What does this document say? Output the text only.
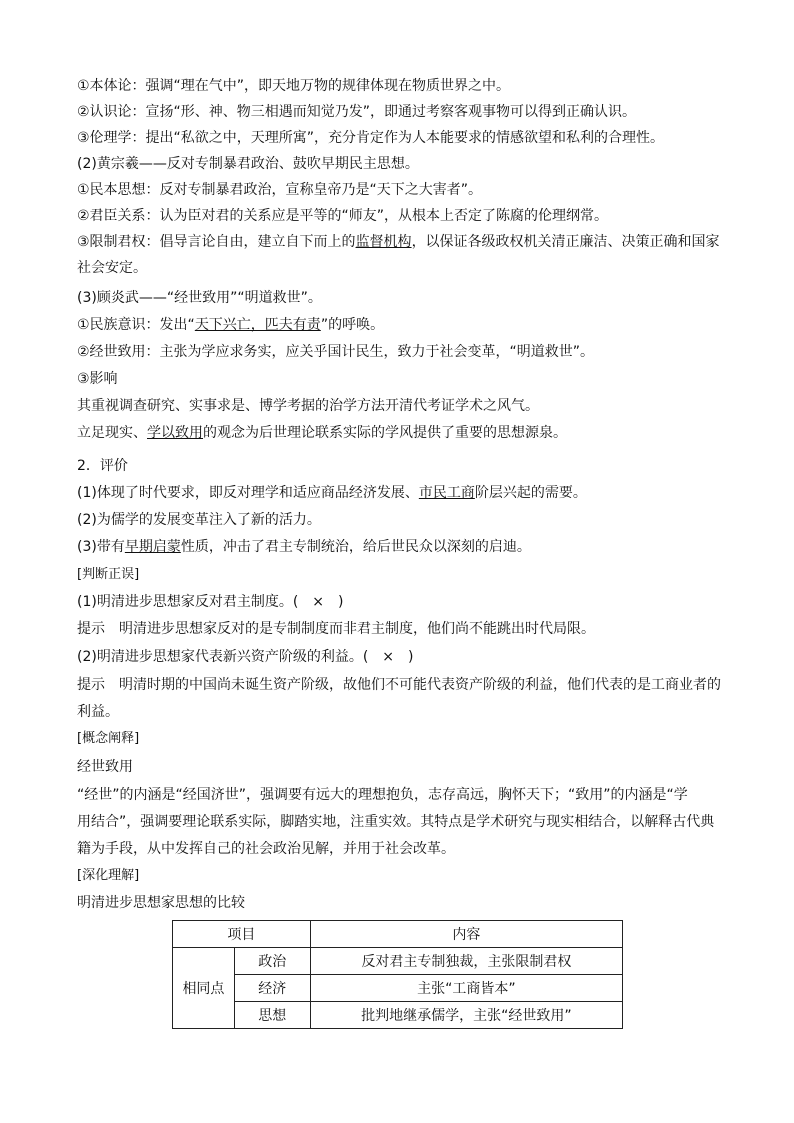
①本体论：强调“理在气中”，即天地万物的规律体现在物质世界之中。
②认识论：宣扬“形、神、物三相遇而知觉乃发”，即通过考察客观事物可以得到正确认识。
③伦理学：提出“私欲之中，天理所寓”，充分肯定作为人本能要求的情感欲望和私利的合理性。
(2)黄宗羲——反对专制暴君政治、鼓吹早期民主思想。
①民本思想：反对专制暴君政治，宣称皇帝乃是“天下之大害者”。
②君臣关系：认为臣对君的关系应是平等的“师友”，从根本上否定了陈腐的伦理纲常。
③限制君权：倡导言论自由，建立自下而上的监督机构，以保证各级政权机关清正廉洁、决策正确和国家
社会安定。
(3)顾炎武——“经世致用”“明道救世”。
①民族意识：发出“天下兴亡，匹夫有责”的呼唤。
②经世致用：主张为学应求务实，应关乎国计民生，致力于社会变革，“明道救世”。
③影响
其重视调查研究、实事求是、博学考据的治学方法开清代考证学术之风气。
立足现实、学以致用的观念为后世理论联系实际的学风提供了重要的思想源泉。
2．评价
(1)体现了时代要求，即反对理学和适应商品经济发展、市民工商阶层兴起的需要。
(2)为儒学的发展变革注入了新的活力。
(3)带有早期启蒙性质，冲击了君主专制统治，给后世民众以深刻的启迪。
[判断正误]
(1)明清进步思想家反对君主制度。(　×　)
提示　明清进步思想家反对的是专制制度而非君主制度，他们尚不能跳出时代局限。
(2)明清进步思想家代表新兴资产阶级的利益。(　×　)
提示　明清时期的中国尚未诞生资产阶级，故他们不可能代表资产阶级的利益，他们代表的是工商业者的
利益。
[概念阐释]
经世致用
“经世”的内涵是“经国济世”，强调要有远大的理想抱负，志存高远，胸怀天下；“致用”的内涵是“学
用结合”，强调要理论联系实际，脚踏实地，注重实效。其特点是学术研究与现实相结合，以解释古代典
籍为手段，从中发挥自己的社会政治见解，并用于社会改革。
[深化理解]
明清进步思想家思想的比较
项目		内容
相同点	政治	反对君主专制独裁，主张限制君权
	经济	主张“工商皆本”
	思想	批判地继承儒学，主张“经世致用”
